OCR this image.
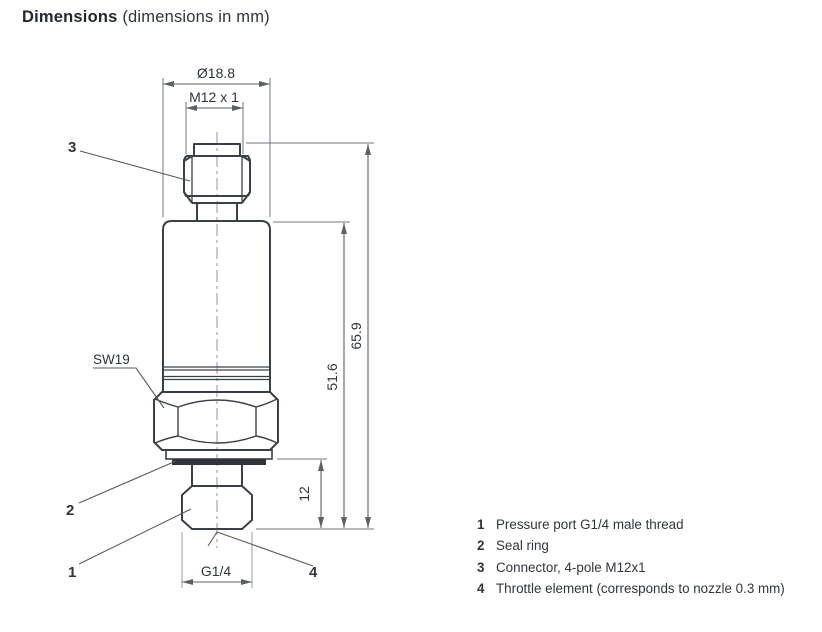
Dimensions (dimensions in mm)
Ø18.8
M12 x 1
65.9
51.6
12
G1/4
SW19
3
2
1	4
1 Pressure port G1/4 male thread
2 Seal ring
3 Connector, 4-pole M12x1
4 Throttle element (corresponds to nozzle 0.3 mm)
